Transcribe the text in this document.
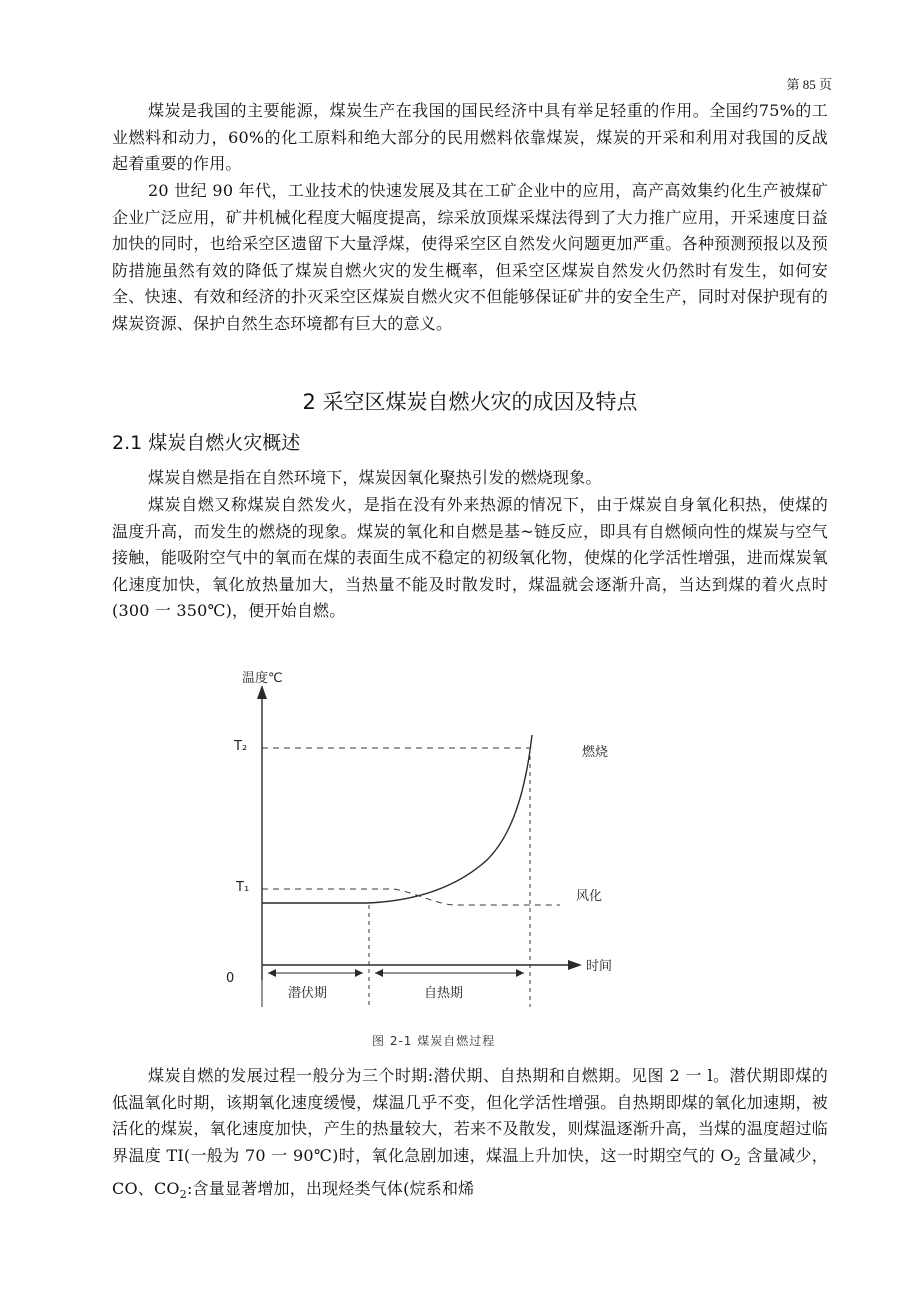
第 85 页

煤炭是我国的主要能源，煤炭生产在我国的国民经济中具有举足轻重的作用。全国约75%的工业燃料和动力，60%的化工原料和绝大部分的民用燃料依靠煤炭，煤炭的开采和利用对我国的反战起着重要的作用。

20 世纪 90 年代，工业技术的快速发展及其在工矿企业中的应用，高产高效集约化生产被煤矿企业广泛应用，矿井机械化程度大幅度提高，综采放顶煤采煤法得到了大力推广应用，开采速度日益加快的同时，也给采空区遗留下大量浮煤，使得采空区自然发火问题更加严重。各种预测预报以及预防措施虽然有效的降低了煤炭自燃火灾的发生概率，但采空区煤炭自然发火仍然时有发生，如何安全、快速、有效和经济的扑灭采空区煤炭自燃火灾不但能够保证矿井的安全生产，同时对保护现有的煤炭资源、保护自然生态环境都有巨大的意义。

2 采空区煤炭自燃火灾的成因及特点
2.1 煤炭自燃火灾概述

煤炭自燃是指在自然环境下，煤炭因氧化聚热引发的燃烧现象。

煤炭自燃又称煤炭自然发火，是指在没有外来热源的情况下，由于煤炭自身氧化积热，使煤的温度升高，而发生的燃烧的现象。煤炭的氧化和自燃是基~链反应，即具有自燃倾向性的煤炭与空气接触，能吸附空气中的氧而在煤的表面生成不稳定的初级氧化物，使煤的化学活性增强，进而煤炭氧化速度加快，氧化放热量加大，当热量不能及时散发时，煤温就会逐渐升高，当达到煤的着火点时(300 一 350℃)，便开始自燃。

温度℃
时间
0
T₂
T₁
燃烧
风化
潜伏期	自热期
图 2-1 煤炭自燃过程

煤炭自燃的发展过程一般分为三个时期:潜伏期、自热期和自燃期。见图 2 一 l。潜伏期即煤的低温氧化时期，该期氧化速度缓慢，煤温几乎不变，但化学活性增强。自热期即煤的氧化加速期，被活化的煤炭，氧化速度加快，产生的热量较大，若来不及散发，则煤温逐渐升高，当煤的温度超过临界温度 TI(一般为 70 一 90℃)时，氧化急剧加速，煤温上升加快，这一时期空气的 $O_2$ 含量减少，CO、$CO_2$:含量显著增加，出现烃类气体(烷系和烯
